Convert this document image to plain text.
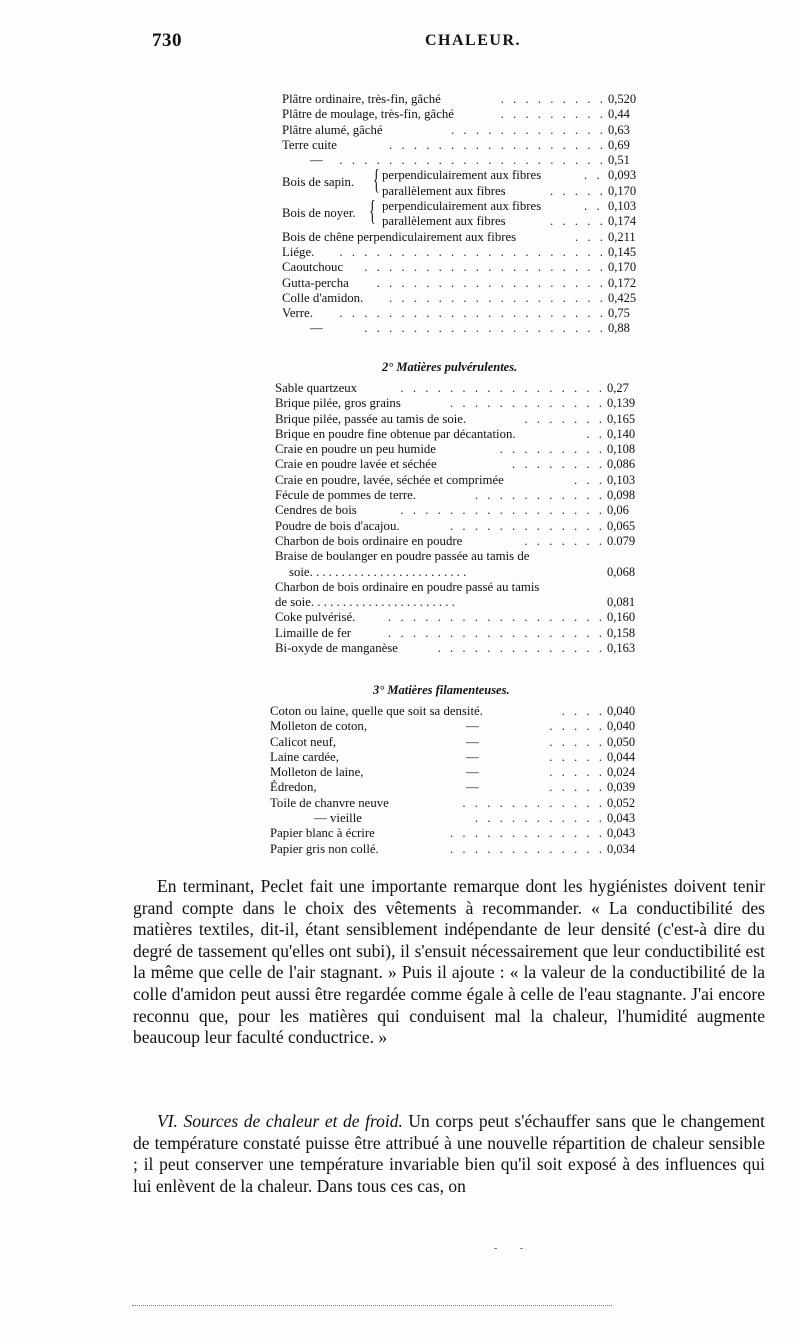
730	CHALEUR.
Plâtre ordinaire, très-fin, gâché	. . . . . . . . . 0,520
Plâtre de moulage, très-fin, gâché	. . . . . . . . . 0,44
Plâtre alumé, gâché	. . . . . . . . . . . . . 0,63
Terre cuite	. . . . . . . . . . . . . . . . . . 0,69
— . . . . . . . . . . . . . . . . . . . . . . 0,51
Bois de sapin. { perpendiculairement aux fibres	. . 0,093
parallèlement aux fibres	. . . . . 0,170
Bois de noyer. { perpendiculairement aux fibres	. . 0,103
parallèlement aux fibres	. . . . . 0,174
Bois de chêne perpendiculairement aux fibres	. . . 0,211
Liége. . . . . . . . . . . . . . . . . . . . . . . 0,145
Caoutchouc . . . . . . . . . . . . . . . . . . . . 0,170
Gutta-percha . . . . . . . . . . . . . . . . . . . 0,172
Colle d'amidon. . . . . . . . . . . . . . . . . . . 0,425
Verre. . . . . . . . . . . . . . . . . . . . . . . 0,75
—	. . . . . . . . . . . . . . . . . . . . 0,88
2° Matières pulvérulentes.
Sable quartzeux	. . . . . . . . . . . . . . . . . 0,27
Brique pilée, gros grains	. . . . . . . . . . . . . 0,139
Brique pilée, passée au tamis de soie.	. . . . . . . 0,165
Brique en poudre fine obtenue par décantation.	. . 0,140
Craie en poudre un peu humide	. . . . . . . . . 0,108
Craie en poudre lavée et séchée	. . . . . . . . 0,086
Craie en poudre, lavée, séchée et comprimée	. . . 0,103
Fécule de pommes de terre.	. . . . . . . . . . . 0,098
Cendres de bois	. . . . . . . . . . . . . . . . . 0,06
Poudre de bois d'acajou.	. . . . . . . . . . . . . 0,065
Charbon de bois ordinaire en poudre	. . . . . . . 0.079
Braise de boulanger en poudre passée au tamis de
soie. . . . . . . . . . . . . . . . . . . . . . . . .	0,068
Charbon de bois ordinaire en poudre passé au tamis
de soie. . . . . . . . . . . . . . . . . . . . . . .	0,081
Coke pulvérisé.	. . . . . . . . . . . . . . . . . . 0,160
Limaille de fer	. . . . . . . . . . . . . . . . . . 0,158
Bi-oxyde de manganèse	. . . . . . . . . . . . . . 0,163
3° Matières filamenteuses.
Coton ou laine, quelle que soit sa densité.	. . . . 0,040
Molleton de coton,	—	. . . . . 0,040
Calicot neuf,	—	. . . . . 0,050
Laine cardée,	—	. . . . . 0,044
Molleton de laine,	—	. . . . . 0,024
Édredon,	—	. . . . . 0,039
Toile de chanvre neuve	. . . . . . . . . . . . 0,052
— vieille	. . . . . . . . . . . 0,043
Papier blanc à écrire	. . . . . . . . . . . . . 0,043
Papier gris non collé.	. . . . . . . . . . . . . 0,034
En terminant, Peclet fait une importante remarque dont les hygiénistes doivent tenir grand compte dans le choix des vêtements à recommander. « La conductibilité des matières textiles, dit-il, étant sensiblement indépendante de leur densité (c'est-à dire du degré de tassement qu'elles ont subi), il s'ensuit nécessairement que leur conductibilité est la même que celle de l'air stagnant. » Puis il ajoute : « la valeur de la conductibilité de la colle d'amidon peut aussi être regardée comme égale à celle de l'eau stagnante. J'ai encore reconnu que, pour les matières qui conduisent mal la chaleur, l'humidité augmente beaucoup leur faculté conductrice. »
VI. Sources de chaleur et de froid. Un corps peut s'échauffer sans que le changement de température constaté puisse être attribué à une nouvelle répartition de chaleur sensible ; il peut conserver une température invariable bien qu'il soit exposé à des influences qui lui enlèvent de la chaleur. Dans tous ces cas, on
- -
